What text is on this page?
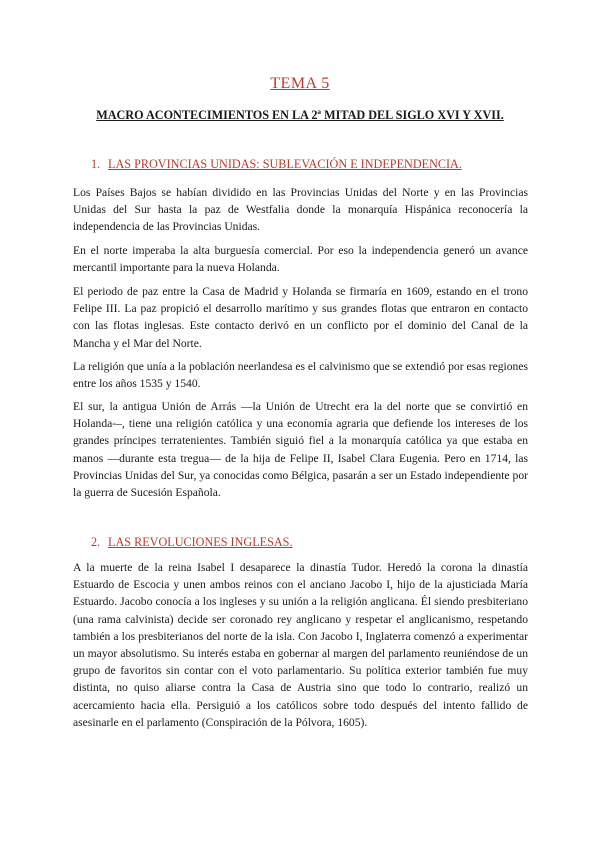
TEMA 5
MACRO ACONTECIMIENTOS EN LA 2ª MITAD DEL SIGLO XVI Y XVII.
1. LAS PROVINCIAS UNIDAS: SUBLEVACIÓN E INDEPENDENCIA.

Los Países Bajos se habían dividido en las Provincias Unidas del Norte y en las Provincias Unidas del Sur hasta la paz de Westfalia donde la monarquía Hispánica reconocería la independencia de las Provincias Unidas.

En el norte imperaba la alta burguesía comercial. Por eso la independencia generó un avance mercantil importante para la nueva Holanda.

El periodo de paz entre la Casa de Madrid y Holanda se firmaría en 1609, estando en el trono Felipe III. La paz propició el desarrollo marítimo y sus grandes flotas que entraron en contacto con las flotas inglesas. Este contacto derivó en un conflicto por el dominio del Canal de la Mancha y el Mar del Norte.

La religión que unía a la población neerlandesa es el calvinismo que se extendió por esas regiones entre los años 1535 y 1540.

El sur, la antigua Unión de Arrás —la Unión de Utrecht era la del norte que se convirtió en Holanda-–, tiene una religión católica y una economía agraria que defiende los intereses de los grandes príncipes terratenientes. También siguió fiel a la monarquía católica ya que estaba en manos —durante esta tregua— de la hija de Felipe II, Isabel Clara Eugenia. Pero en 1714, las Provincias Unidas del Sur, ya conocidas como Bélgica, pasarán a ser un Estado independiente por la guerra de Sucesión Española.

2. LAS REVOLUCIONES INGLESAS.

A la muerte de la reina Isabel I desaparece la dinastía Tudor. Heredó la corona la dinastía Estuardo de Escocia y unen ambos reinos con el anciano Jacobo I, hijo de la ajusticiada María Estuardo. Jacobo conocía a los ingleses y su unión a la religión anglicana. Él siendo presbiteriano (una rama calvinista) decide ser coronado rey anglicano y respetar el anglicanismo, respetando también a los presbiterianos del norte de la isla. Con Jacobo I, Inglaterra comenzó a experimentar un mayor absolutismo. Su interés estaba en gobernar al margen del parlamento reuniéndose de un grupo de favoritos sin contar con el voto parlamentario. Su política exterior también fue muy distinta, no quiso aliarse contra la Casa de Austria sino que todo lo contrario, realizó un acercamiento hacia ella. Persiguió a los católicos sobre todo después del intento fallido de asesinarle en el parlamento (Conspiración de la Pólvora, 1605).
